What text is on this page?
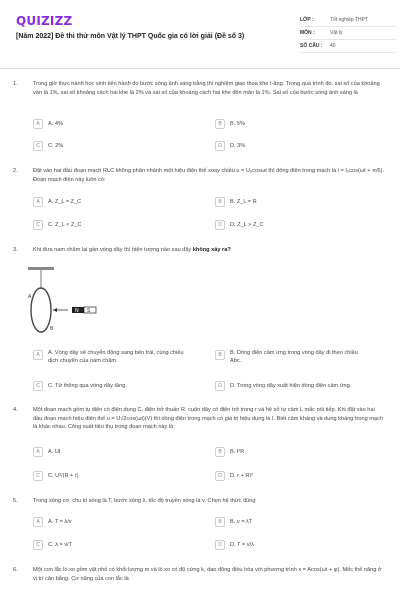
QUIZIZZ
[Năm 2022] Đề thi thử môn Vật lý THPT Quốc gia có lời giải (Đề số 3)
LỚP :	Tốt nghiệp THPT
MÔN :	Vật lý
SỐ CÂU :	40
1.	Trong giờ thực hành học sinh tiến hành đo bước sóng ánh sáng bằng thí nghiệm giao thoa khe I-âng. Trong quá trình đo, sai số của khoảng vân là 1%, sai số khoảng cách hai khe là 2% và sai số của khoảng cách hai khe đến màn là 1%. Sai số của bước sóng ánh sáng là
A	A. 4%	B	B. 5%
C	C. 2%	D	D. 3%
2.	Đặt vào hai đầu đoạn mạch RLC không phân nhánh một hiệu điện thế xoay chiều u = U₀cosωt thì dòng điện trong mạch là i = I₀cos(ωt + π/6). Đoạn mạch điện này luôn có:
A	A. Z_L = Z_C	B	B. Z_L = R
C	C. Z_L < Z_C	D	D. Z_L > Z_C
3.	Khi đưa nam châm lại gần vòng dây thì hiện tượng nào sau đây không xảy ra?
A
B
N S
A	A. Vòng dây sẽ chuyển động sang bên trái, cùng chiều dịch chuyển của nam châm.
B	B. Dòng điện cảm ứng trong vòng dây đi theo chiều Abc.
C	C. Từ thông qua vòng dây tăng.	D	D. Trong vòng dây xuất hiện dòng điện cảm ứng.
4.	Một đoạn mạch gồm tụ điện có điện dung C, điện trở thuần R, cuộn dây có điện trở trong r và hệ số tự cảm L mắc nối tiếp. Khi đặt vào hai đầu đoạn mạch hiệu điện thế u = U√2cos(ωt)(V) thì dòng điện trong mạch có giá trị hiệu dụng là I. Biết cảm kháng và dung kháng trong mạch là khác nhau. Công suất tiêu thụ trong đoạn mạch này là:
A	A. UI	B	B. I²R
C	C. U²/(R + r)	D	D. r + RI²
5.	Trong sóng cơ, chu kì sóng là T, bước sóng λ, tốc độ truyền sóng là v. Chọn hệ thức đúng
A	A. T = λ/v	B	B. v = λT
C	C. λ = v/T	D	D. T = v/λ
6.	Một con lắc lò xo gồm vật nhỏ có khối lượng m và lò xo có độ cứng k, dao động điều hòa với phương trình x = Acos(ωt + φ). Mốc thế năng ở vị trí cân bằng. Cơ năng của con lắc là
